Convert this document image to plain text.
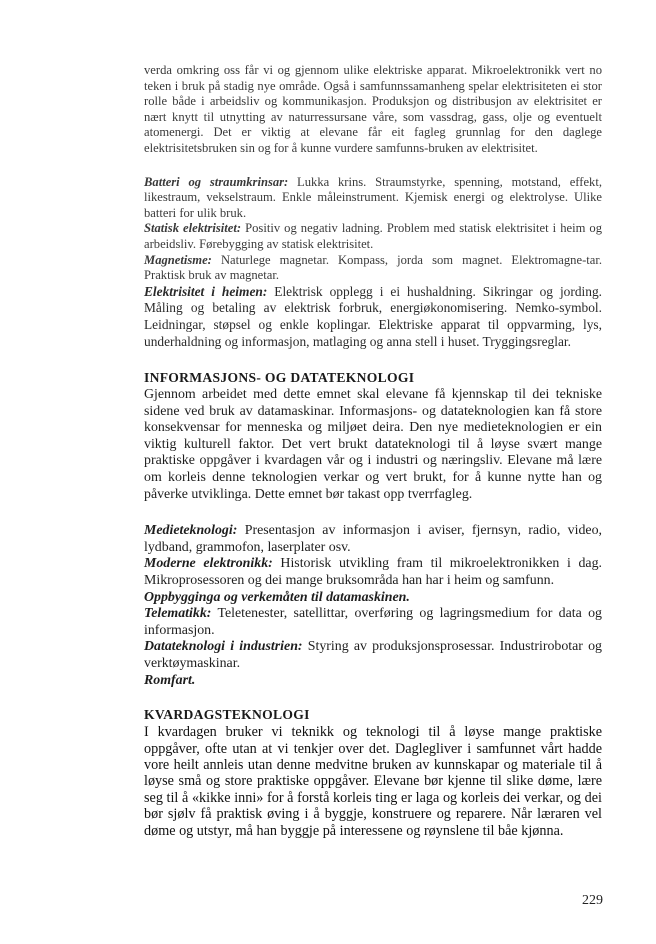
verda omkring oss får vi og gjennom ulike elektriske apparat. Mikroelektronikk vert no teken i bruk på stadig nye område. Også i samfunnssamanheng spelar elektrisiteten ei stor rolle både i arbeidsliv og kommunikasjon. Produksjon og distribusjon av elektrisitet er nært knytt til utnytting av naturressursane våre, som vassdrag, gass, olje og eventuelt atomenergi. Det er viktig at elevane får eit fagleg grunnlag for den daglege elektrisitetsbruken sin og for å kunne vurdere samfunns-bruken av elektrisitet.

Batteri og straumkrinsar: Lukka krins. Straumstyrke, spenning, motstand, effekt, likestraum, vekselstraum. Enkle måleinstrument. Kjemisk energi og elektrolyse. Ulike batteri for ulik bruk.

Statisk elektrisitet: Positiv og negativ ladning. Problem med statisk elektrisitet i heim og arbeidsliv. Førebygging av statisk elektrisitet.

Magnetisme: Naturlege magnetar. Kompass, jorda som magnet. Elektromagne-tar. Praktisk bruk av magnetar.

Elektrisitet i heimen: Elektrisk opplegg i ei hushaldning. Sikringar og jording. Måling og betaling av elektrisk forbruk, energiøkonomisering. Nemko-symbol. Leidningar, støpsel og enkle koplingar. Elektriske apparat til oppvarming, lys, underhaldning og informasjon, matlaging og anna stell i huset. Tryggingsreglar.

INFORMASJONS- OG DATATEKNOLOGI

Gjennom arbeidet med dette emnet skal elevane få kjennskap til dei tekniske sidene ved bruk av datamaskinar. Informasjons- og datateknologien kan få store konsekvensar for menneska og miljøet deira. Den nye medieteknologien er ein viktig kulturell faktor. Det vert brukt datateknologi til å løyse svært mange praktiske oppgåver i kvardagen vår og i industri og næringsliv. Elevane må lære om korleis denne teknologien verkar og vert brukt, for å kunne nytte han og påverke utviklinga. Dette emnet bør takast opp tverrfagleg.

Medieteknologi: Presentasjon av informasjon i aviser, fjernsyn, radio, video, lydband, grammofon, laserplater osv.

Moderne elektronikk: Historisk utvikling fram til mikroelektronikken i dag. Mikroprosessoren og dei mange bruksområda han har i heim og samfunn.

Oppbygginga og verkemåten til datamaskinen.

Telematikk: Teletenester, satellittar, overføring og lagringsmedium for data og informasjon.

Datateknologi i industrien: Styring av produksjonsprosessar. Industrirobotar og verktøymaskinar.

Romfart.

KVARDAGSTEKNOLOGI

I kvardagen bruker vi teknikk og teknologi til å løyse mange praktiske oppgåver, ofte utan at vi tenkjer over det. Daglegliver i samfunnet vårt hadde vore heilt annleis utan denne medvitne bruken av kunnskapar og materiale til å løyse små og store praktiske oppgåver. Elevane bør kjenne til slike døme, lære seg til å «kikke inni» for å forstå korleis ting er laga og korleis dei verkar, og dei bør sjølv få praktisk øving i å byggje, konstruere og reparere. Når læraren vel døme og utstyr, må han byggje på interessene og røynslene til båe kjønna.

229
